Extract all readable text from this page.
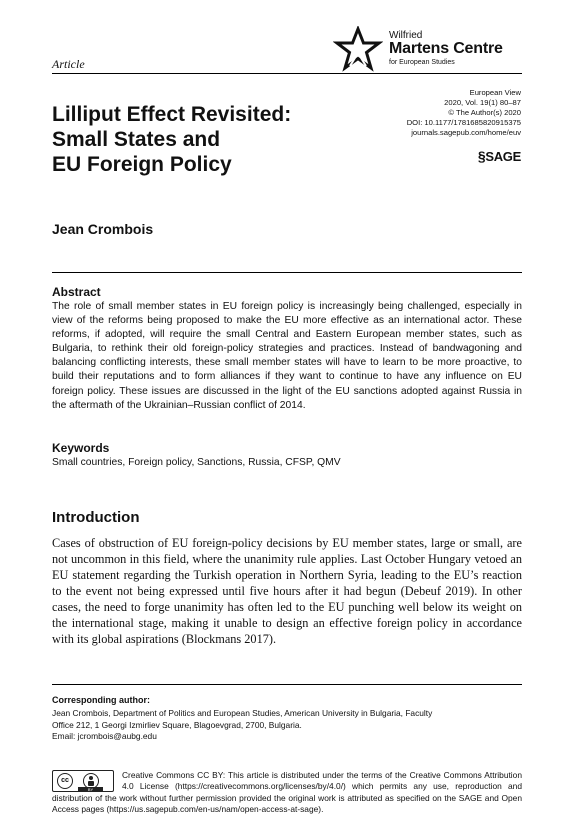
Article
Wilfried
Martens Centre
for European Studies
European View
2020, Vol. 19(1) 80–87
© The Author(s) 2020
DOI: 10.1177/1781685820915375
journals.sagepub.com/home/euv
§SAGE
Lilliput Effect Revisited:
Small States and
EU Foreign Policy
Jean Crombois
Abstract
The role of small member states in EU foreign policy is increasingly being challenged, especially in view of the reforms being proposed to make the EU more effective as an international actor. These reforms, if adopted, will require the small Central and Eastern European member states, such as Bulgaria, to rethink their old foreign-policy strategies and practices. Instead of bandwagoning and balancing conflicting interests, these small member states will have to learn to be more proactive, to build their reputations and to form alliances if they want to continue to have any influence on EU foreign policy. These issues are discussed in the light of the EU sanctions adopted against Russia in the aftermath of the Ukrainian–Russian conflict of 2014.
Keywords
Small countries, Foreign policy, Sanctions, Russia, CFSP, QMV
Introduction
Cases of obstruction of EU foreign-policy decisions by EU member states, large or small, are not uncommon in this field, where the unanimity rule applies. Last October Hungary vetoed an EU statement regarding the Turkish operation in Northern Syria, leading to the EU’s reaction to the event not being expressed until five hours after it had begun (Debeuf 2019). In other cases, the need to forge unanimity has often led to the EU punching well below its weight on the international stage, making it unable to design an effective foreign policy in accordance with its global aspirations (Blockmans 2017).
Corresponding author:
Jean Crombois, Department of Politics and European Studies, American University in Bulgaria, Faculty
Office 212, 1 Georgi Izmirliev Square, Blagoevgrad, 2700, Bulgaria.
Email: jcrombois@aubg.edu
cc
BY
Creative Commons CC BY: This article is distributed under the terms of the Creative Commons Attribution 4.0 License (https://creativecommons.org/licenses/by/4.0/) which permits any use, reproduction and distribution of the work without further permission provided the original work is attributed as specified on the SAGE and Open Access pages (https://us.sagepub.com/en-us/nam/open-access-at-sage).
